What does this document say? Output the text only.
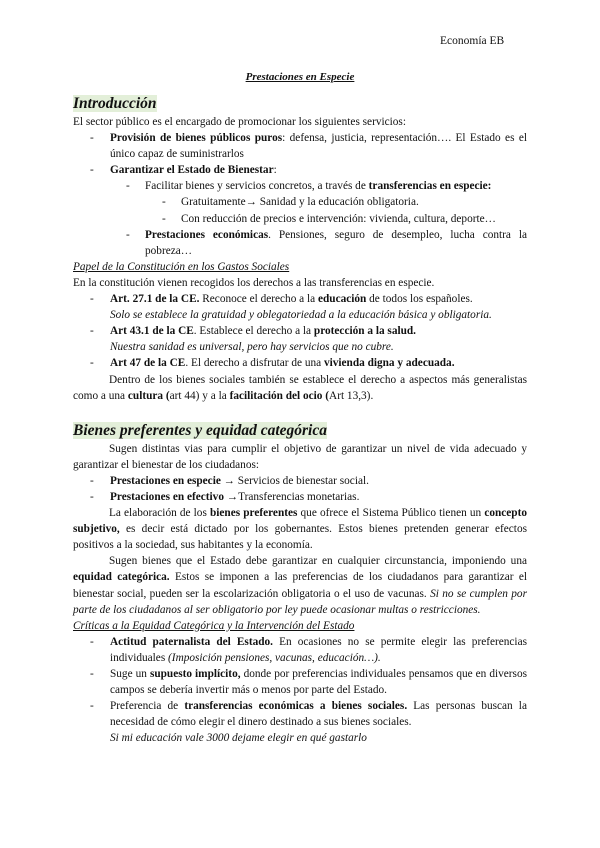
Economía EB
Prestaciones en Especie
Introducción
El sector público es el encargado de promocionar los siguientes servicios:
- Provisión de bienes públicos puros: defensa, justicia, representación…. El Estado es el único capaz de suministrarlos
- Garantizar el Estado de Bienestar:
- Facilitar bienes y servicios concretos, a través de transferencias en especie:
- Gratuitamente→ Sanidad y la educación obligatoria.
- Con reducción de precios e intervención: vivienda, cultura, deporte…
- Prestaciones económicas. Pensiones, seguro de desempleo, lucha contra la pobreza…
Papel de la Constitución en los Gastos Sociales
En la constitución vienen recogidos los derechos a las transferencias en especie.
- Art. 27.1 de la CE. Reconoce el derecho a la educación de todos los españoles.
Solo se establece la gratuidad y oblegatoriedad a la educación básica y obligatoria.
- Art 43.1 de la CE. Establece el derecho a la protección a la salud.
Nuestra sanidad es universal, pero hay servicios que no cubre.
- Art 47 de la CE. El derecho a disfrutar de una vivienda digna y adecuada.
Dentro de los bienes sociales también se establece el derecho a aspectos más generalistas como a una cultura (art 44) y a la facilitación del ocio (Art 13,3).
Bienes preferentes y equidad categórica
Sugen distintas vias para cumplir el objetivo de garantizar un nivel de vida adecuado y garantizar el bienestar de los ciudadanos:
- Prestaciones en especie → Servicios de bienestar social.
- Prestaciones en efectivo →Transferencias monetarias.
La elaboración de los bienes preferentes que ofrece el Sistema Público tienen un concepto subjetivo, es decir está dictado por los gobernantes. Estos bienes pretenden generar efectos positivos a la sociedad, sus habitantes y la economía.
Sugen bienes que el Estado debe garantizar en cualquier circunstancia, imponiendo una equidad categórica. Estos se imponen a las preferencias de los ciudadanos para garantizar el bienestar social, pueden ser la escolarización obligatoria o el uso de vacunas. Si no se cumplen por parte de los ciudadanos al ser obligatorio por ley puede ocasionar multas o restricciones.
Críticas a la Equidad Categórica y la Intervención del Estado
- Actitud paternalista del Estado. En ocasiones no se permite elegir las preferencias individuales (Imposición pensiones, vacunas, educación…).
- Suge un supuesto implícito, donde por preferencias individuales pensamos que en diversos campos se debería invertir más o menos por parte del Estado.
- Preferencia de transferencias económicas a bienes sociales. Las personas buscan la necesidad de cómo elegir el dinero destinado a sus bienes sociales.
Si mi educación vale 3000 dejame elegir en qué gastarlo
